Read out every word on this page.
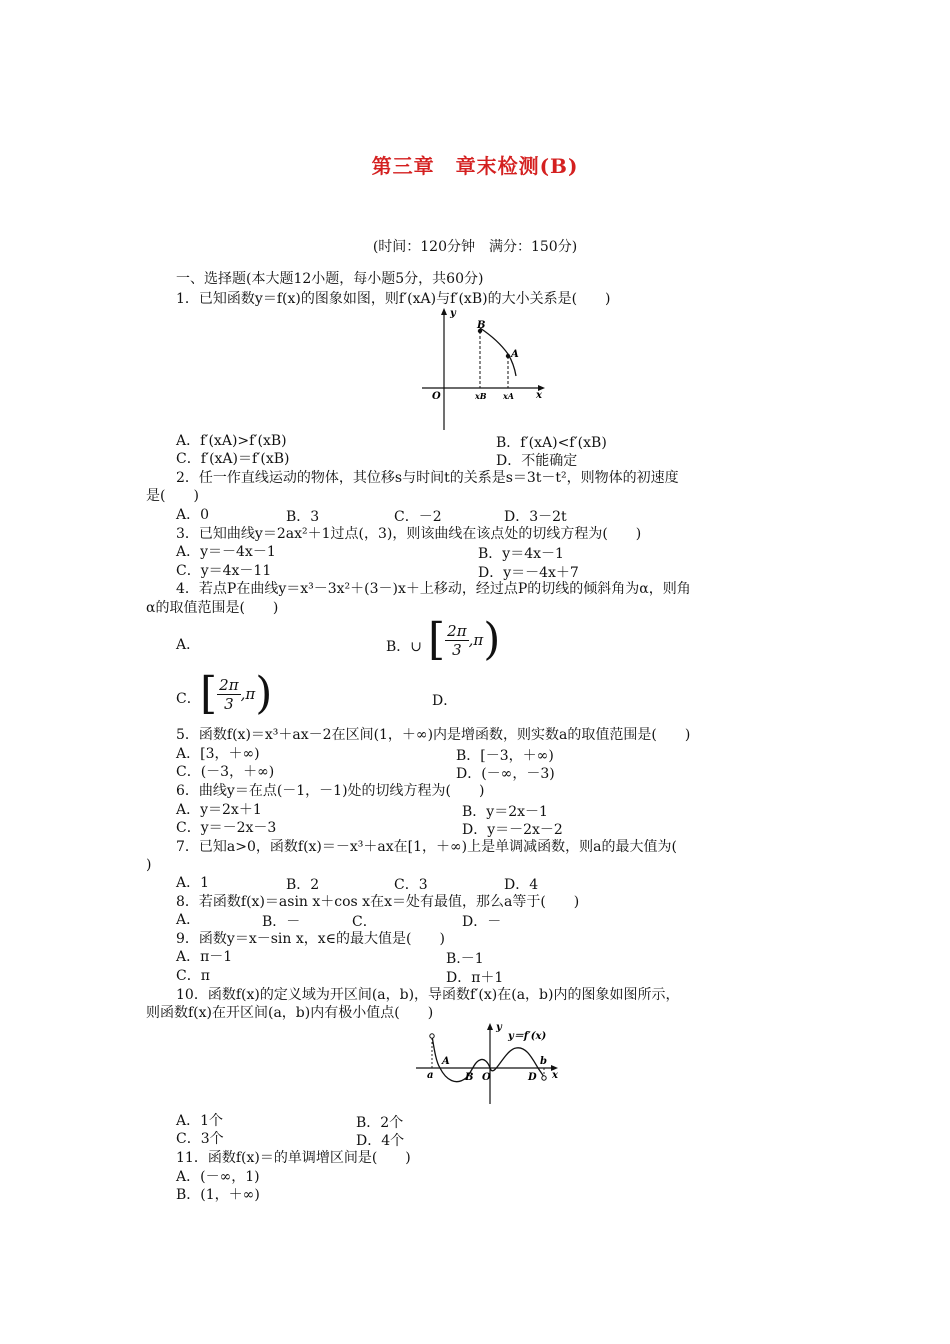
第三章　章末检测(B)
(时间：120分钟　满分：150分)
一、选择题(本大题12小题，每小题5分，共60分)
1．已知函数y＝f(x)的图象如图，则f′(xA)与f′(xB)的大小关系是(　　)
y
x
O
B
A
xB xA
A．f′(xA)>f′(xB)	B．f′(xA)<f′(xB)
C．f′(xA)＝f′(xB)	D．不能确定
2．任一作直线运动的物体，其位移s与时间t的关系是s＝3t－t²，则物体的初速度
是(　　)
A．0	B．3	C．－2	D．3－2t
3．已知曲线y＝2ax²＋1过点(，3)，则该曲线在该点处的切线方程为(　　)
A．y＝－4x－1	B．y＝4x－1
C．y＝4x－11	D．y＝－4x＋7
4．若点P在曲线y＝x³－3x²＋(3－)x＋上移动，经过点P的切线的倾斜角为α，则角
α的取值范围是(　　)
A．	B．∪ [ $\frac{2\pi}{3} ,\pi$)
C． [ $\frac{2\pi}{3} ,\pi$)	D．
5．函数f(x)＝x³＋ax－2在区间(1，＋∞)内是增函数，则实数a的取值范围是(　　)
A．[3，＋∞)	B．[－3，＋∞)
C．(－3，＋∞)	D．(－∞，－3)
6．曲线y＝在点(－1，－1)处的切线方程为(　　)
A．y＝2x＋1	B．y＝2x－1
C．y＝－2x－3	D．y＝－2x－2
7．已知a>0，函数f(x)＝－x³＋ax在[1，＋∞)上是单调减函数，则a的最大值为(
)
A．1	B．2	C．3	D．4
8．若函数f(x)＝asin x＋cos x在x＝处有最值，那么a等于(　　)
A．	B．－	C．	D．－
9．函数y＝x－sin x，x∈的最大值是(　　)
A．π－1	B.－1
C．π	D．π＋1
10．函数f(x)的定义域为开区间(a，b)，导函数f′(x)在(a，b)内的图象如图所示，
则函数f(x)在开区间(a，b)内有极小值点(　　)
y
y＝f′(x)
a
A
B O	D
b
x
A．1个	B．2个
C．3个	D．4个
11．函数f(x)＝的单调增区间是(　　)
A．(－∞，1)
B．(1，＋∞)
